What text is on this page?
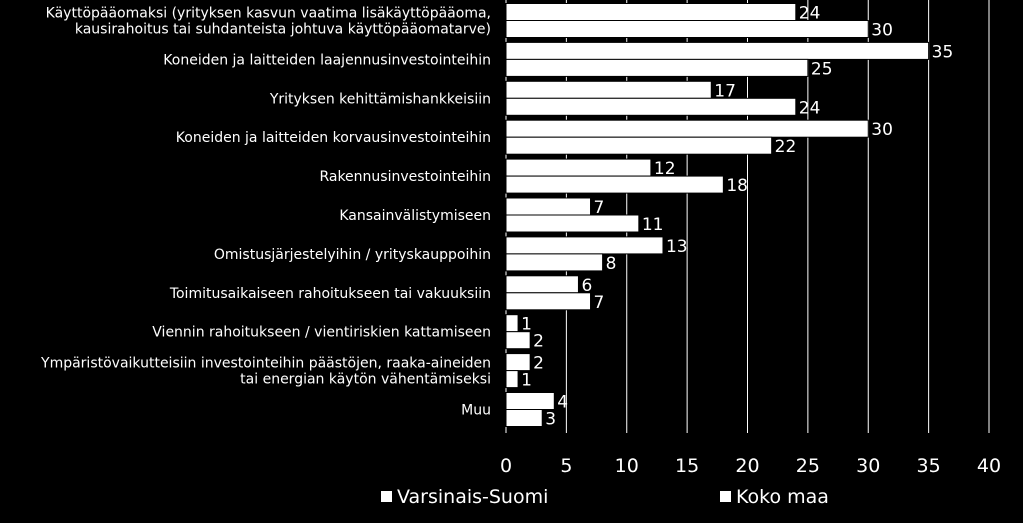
24
30
35
25
17
24
30
22
12
18
7
11
13
8
6
7
1
2
2
1
4
3
Käyttöpääomaksi (yrityksen kasvun vaatima lisäkäyttöpääoma,
kausirahoitus tai suhdanteista johtuva käyttöpääomatarve)
Koneiden ja laitteiden laajennusinvestointeihin
Yrityksen kehittämishankkeisiin
Koneiden ja laitteiden korvausinvestointeihin
Rakennusinvestointeihin
Kansainvälistymiseen
Omistusjärjestelyihin / yrityskauppoihin
Toimitusaikaiseen rahoitukseen tai vakuuksiin
Viennin rahoitukseen / vientiriskien kattamiseen
Ympäristövaikutteisiin investointeihin päästöjen, raaka-aineiden
tai energian käytön vähentämiseksi
Muu
0	5 10 15 20 25 30 35 40
Varsinais-Suomi	Koko maa
